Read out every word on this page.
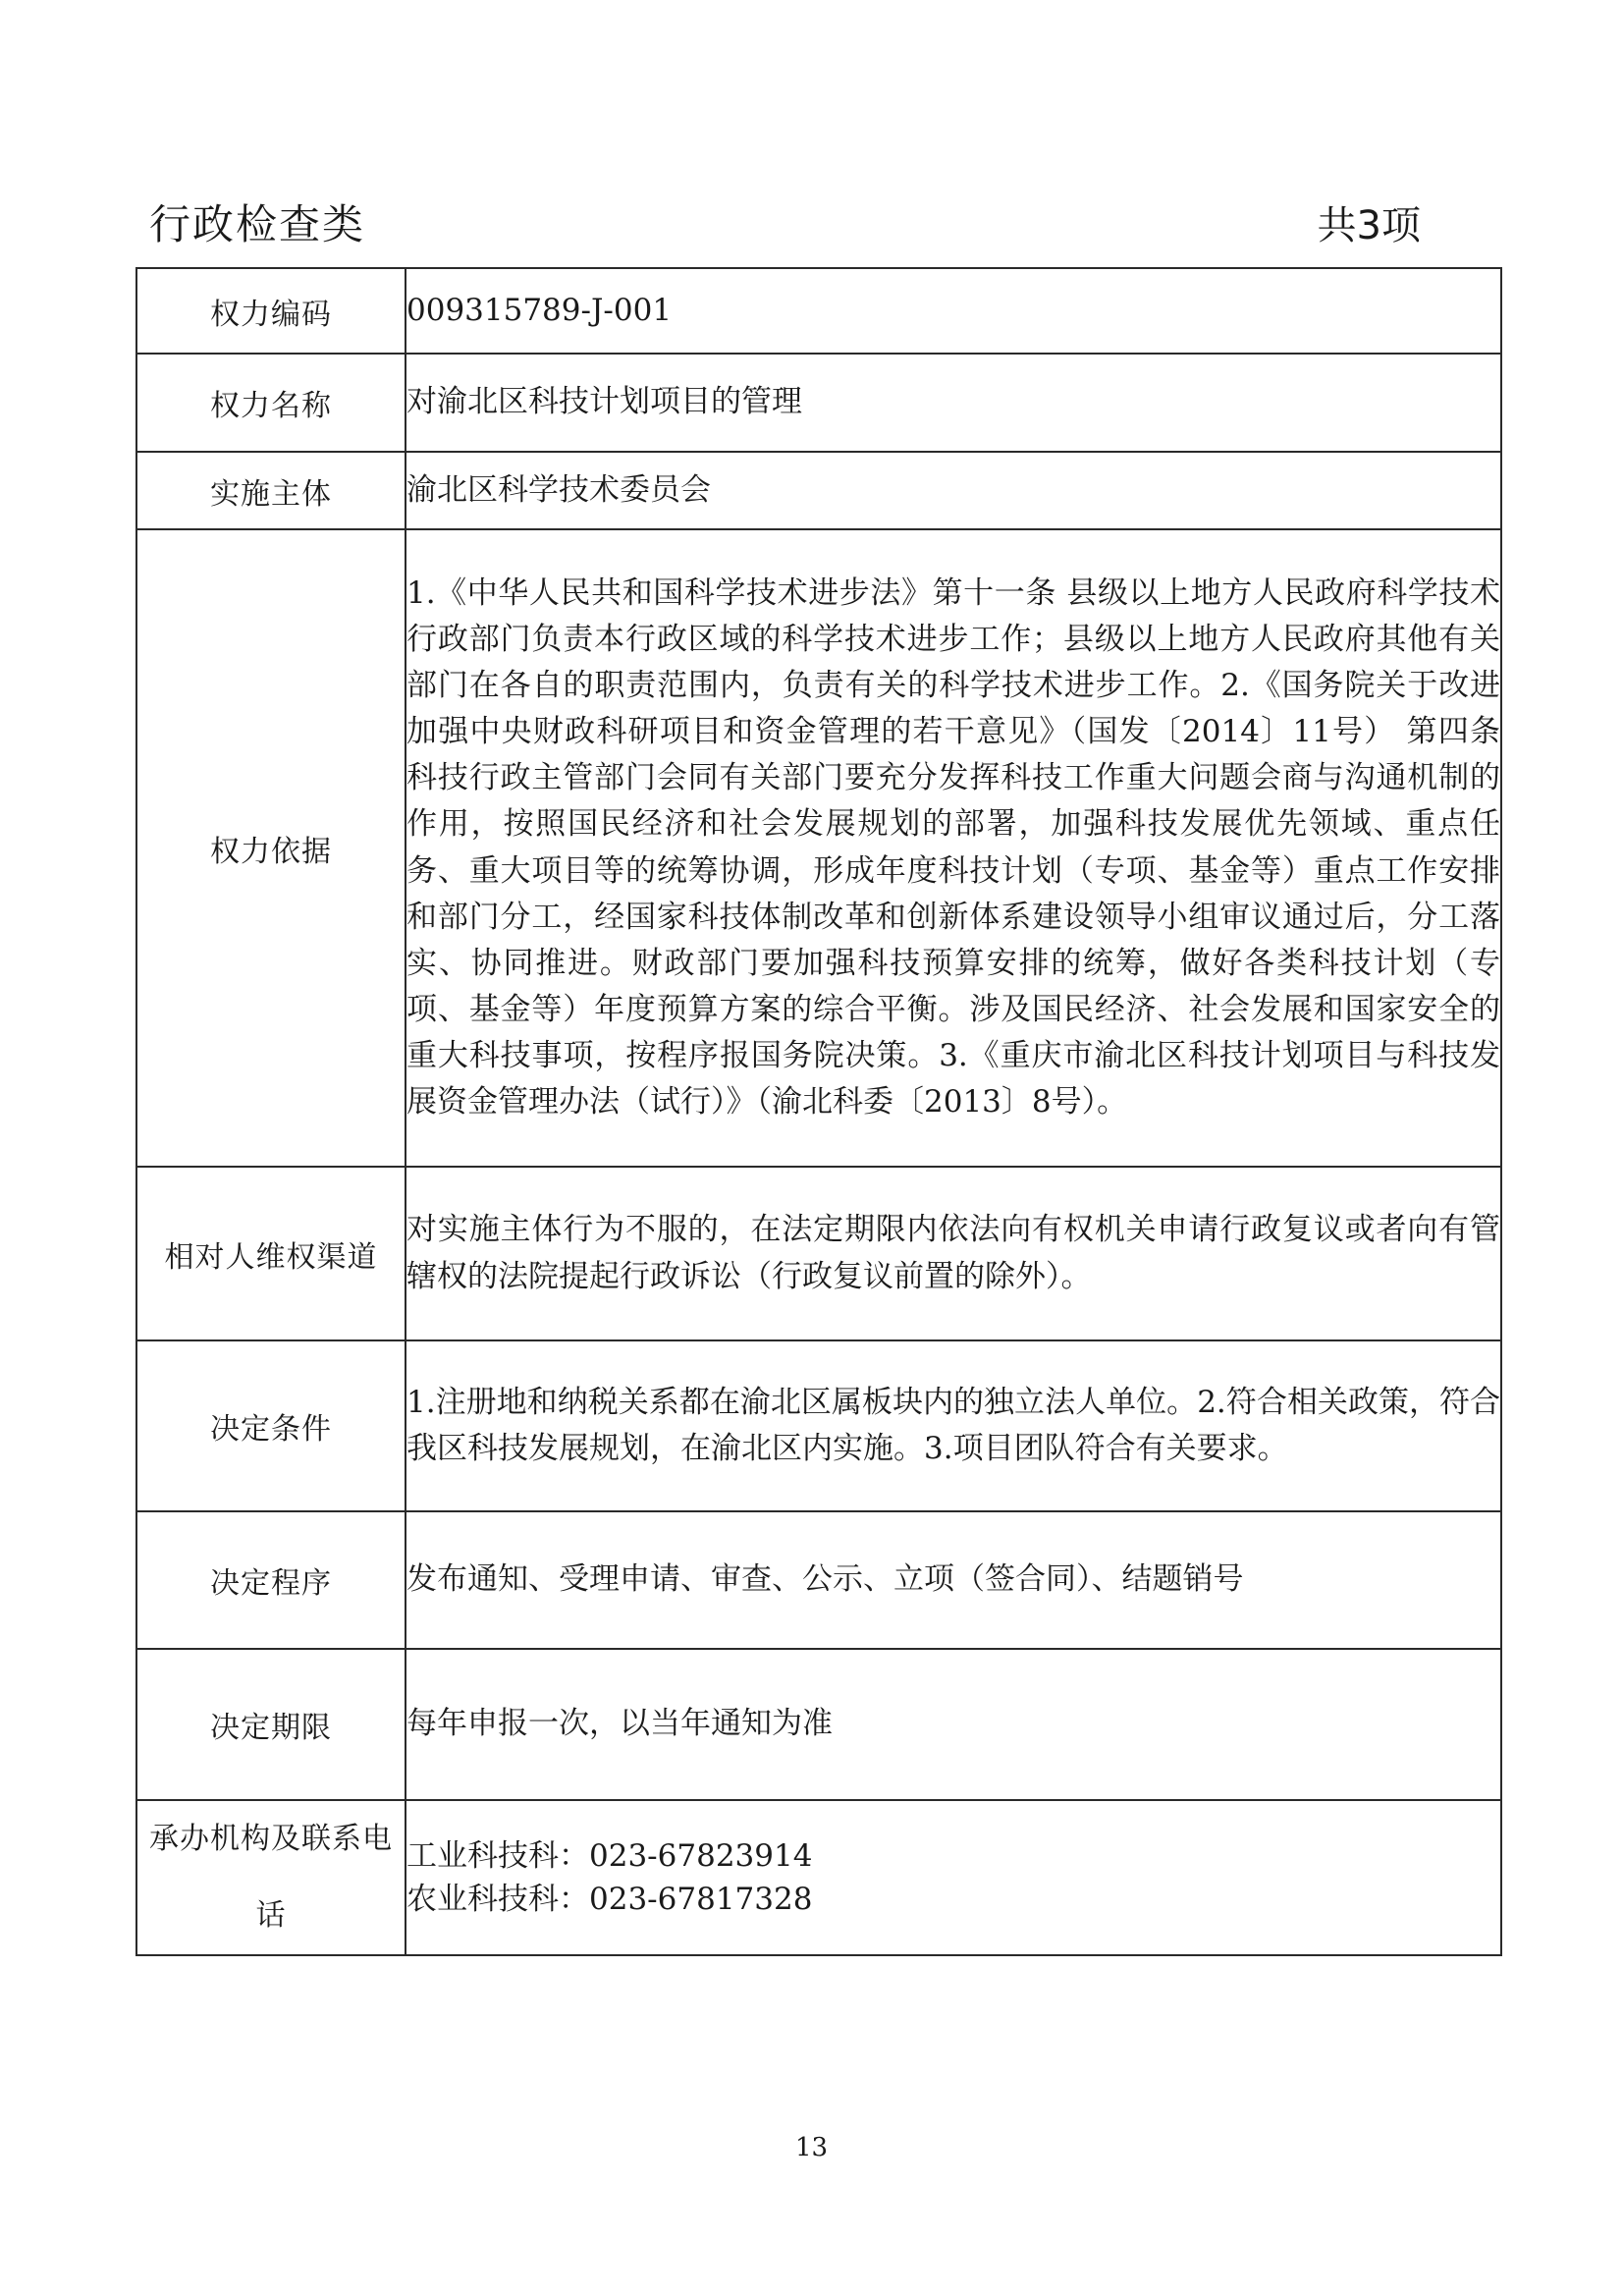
行政检查类	共3项
权力编码	009315789-J-001
权力名称	对渝北区科技计划项目的管理
实施主体	渝北区科学技术委员会
权力依据	1.《中华人民共和国科学技术进步法》第十一条 县级以上地方人民政府科学技术行政部门负责本行政区域的科学技术进步工作；县级以上地方人民政府其他有关部门在各自的职责范围内，负责有关的科学技术进步工作。2.《国务院关于改进加强中央财政科研项目和资金管理的若干意见》（国发〔2014〕11号） 第四条 科技行政主管部门会同有关部门要充分发挥科技工作重大问题会商与沟通机制的作用，按照国民经济和社会发展规划的部署，加强科技发展优先领域、重点任务、重大项目等的统筹协调，形成年度科技计划（专项、基金等）重点工作安排和部门分工，经国家科技体制改革和创新体系建设领导小组审议通过后，分工落实、协同推进。财政部门要加强科技预算安排的统筹，做好各类科技计划（专项、基金等）年度预算方案的综合平衡。涉及国民经济、社会发展和国家安全的重大科技事项，按程序报国务院决策。3.《重庆市渝北区科技计划项目与科技发展资金管理办法（试行）》（渝北科委〔2013〕8号）。
相对人维权渠道	对实施主体行为不服的，在法定期限内依法向有权机关申请行政复议或者向有管辖权的法院提起行政诉讼（行政复议前置的除外）。
决定条件	1.注册地和纳税关系都在渝北区属板块内的独立法人单位。2.符合相关政策，符合我区科技发展规划，在渝北区内实施。3.项目团队符合有关要求。
决定程序	发布通知、受理申请、审查、公示、立项（签合同）、结题销号
决定期限	每年申报一次，以当年通知为准
承办机构及联系电话	工业科技科：023-67823914
农业科技科：023-67817328
13
